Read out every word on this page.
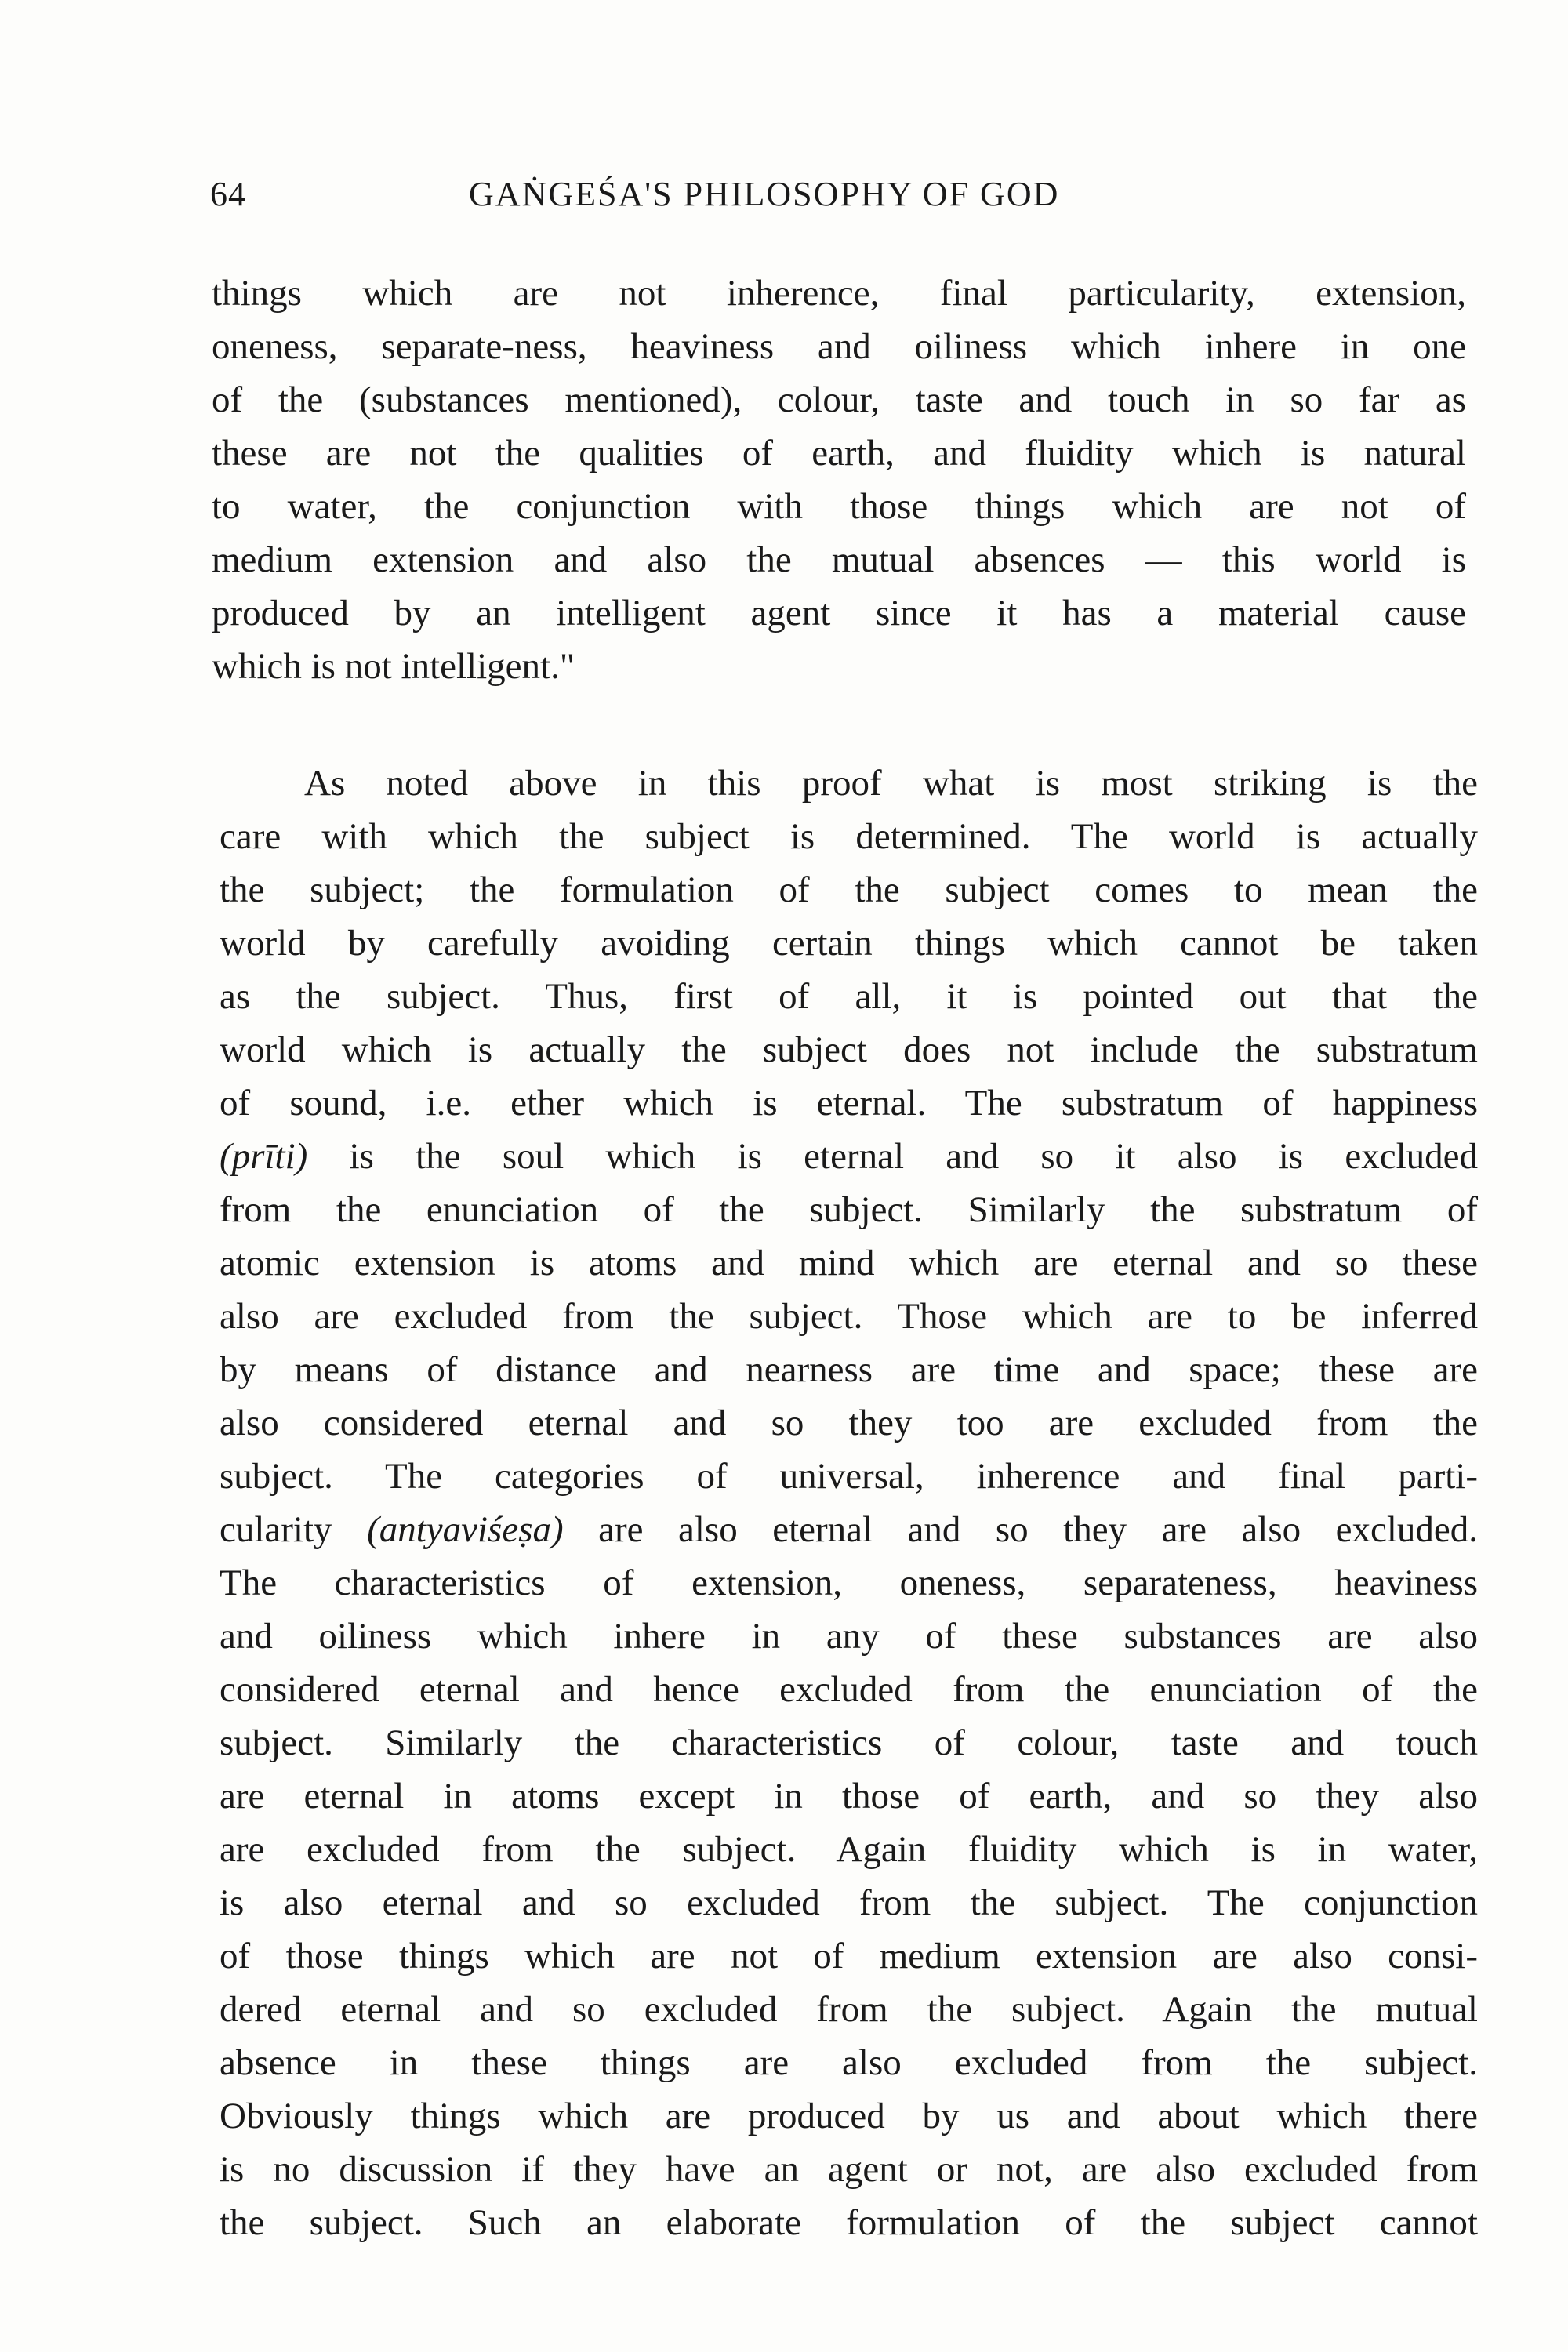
64	GAṄGEŚA'S PHILOSOPHY OF GOD
things which are not inherence, final particularity, extension,
oneness, separate-ness, heaviness and oiliness which inhere in one
of the (substances mentioned), colour, taste and touch in so far as
these are not the qualities of earth, and fluidity which is natural
to water, the conjunction with those things which are not of
medium extension and also the mutual absences — this world is
produced by an intelligent agent since it has a material cause
which is not intelligent."
As noted above in this proof what is most striking is the
care with which the subject is determined. The world is actually
the subject; the formulation of the subject comes to mean the
world by carefully avoiding certain things which cannot be taken
as the subject. Thus, first of all, it is pointed out that the
world which is actually the subject does not include the substratum
of sound, i.e. ether which is eternal. The substratum of happiness
(prīti) is the soul which is eternal and so it also is excluded
from the enunciation of the subject. Similarly the substratum of
atomic extension is atoms and mind which are eternal and so these
also are excluded from the subject. Those which are to be inferred
by means of distance and nearness are time and space; these are
also considered eternal and so they too are excluded from the
subject. The categories of universal, inherence and final parti-
cularity (antyaviśeṣa) are also eternal and so they are also excluded.
The characteristics of extension, oneness, separateness, heaviness
and oiliness which inhere in any of these substances are also
considered eternal and hence excluded from the enunciation of the
subject. Similarly the characteristics of colour, taste and touch
are eternal in atoms except in those of earth, and so they also
are excluded from the subject. Again fluidity which is in water,
is also eternal and so excluded from the subject. The conjunction
of those things which are not of medium extension are also consi-
dered eternal and so excluded from the subject. Again the mutual
absence in these things are also excluded from the subject.
Obviously things which are produced by us and about which there
is no discussion if they have an agent or not, are also excluded from
the subject. Such an elaborate formulation of the subject cannot
